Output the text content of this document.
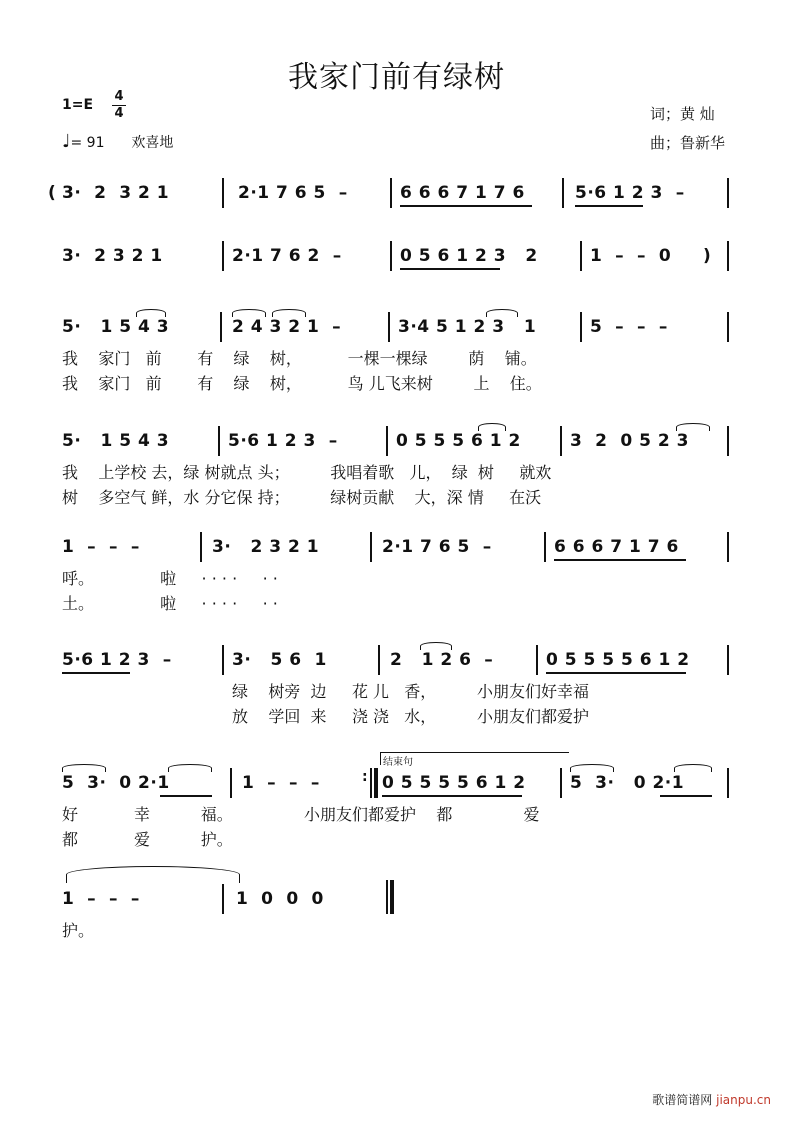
我家门前有绿树
1=E
4
4
♩= 91 欢喜地
词；黄 灿
曲；鲁新华
( 3·  2  3 2 1	2·1 7 6 5  –	6 6 6 7 1 7 6	5·6 1 2 3  –
3·  2 3 2 1	2·1 7 6 2  –	0 5 6 1 2 3   2	1  –  –  0 )
5·   1 5 4 3	2 4 3 2 1  –	3·4 5 1 2 3   1	5  –  –  –
我    家门   前       有    绿    树，         一棵一棵绿        荫    铺。
我    家门   前       有    绿    树，         鸟 儿飞来树        上    住。
5·   1 5 4 3	5·6 1 2 3  –	0 5 5 5 6 1 2	3  2  0 5 2 3
我    上学校 去，绿 树就点 头；        我唱着歌   儿，  绿  树     就欢
树    多空气 鲜，水 分它保 持；        绿树贡献    大，深 情     在沃
1  –  –  –	3·   2 3 2 1	2·1 7 6 5  –	6 6 6 7 1 7 6
呼。             啦     · · · ·     · ·
土。             啦     · · · ·     · ·
5·6 1 2 3  –	3·   5 6  1	2   1 2 6  –	0 5 5 5 5 6 1 2
绿    树旁  边     花 儿   香，        小朋友们好幸福
放    学回  来     浇 浇   水，        小朋友们都爱护
5  3·  0 2·1	1  –  –  –	:
结束句
0 5 5 5 5 6 1 2	5  3·   0 2·1
好           幸          福。              小朋友们都爱护    都              爱
都           爱          护。
1  –  –  –	1  0  0  0
护。
歌谱简谱网 jianpu.cn
